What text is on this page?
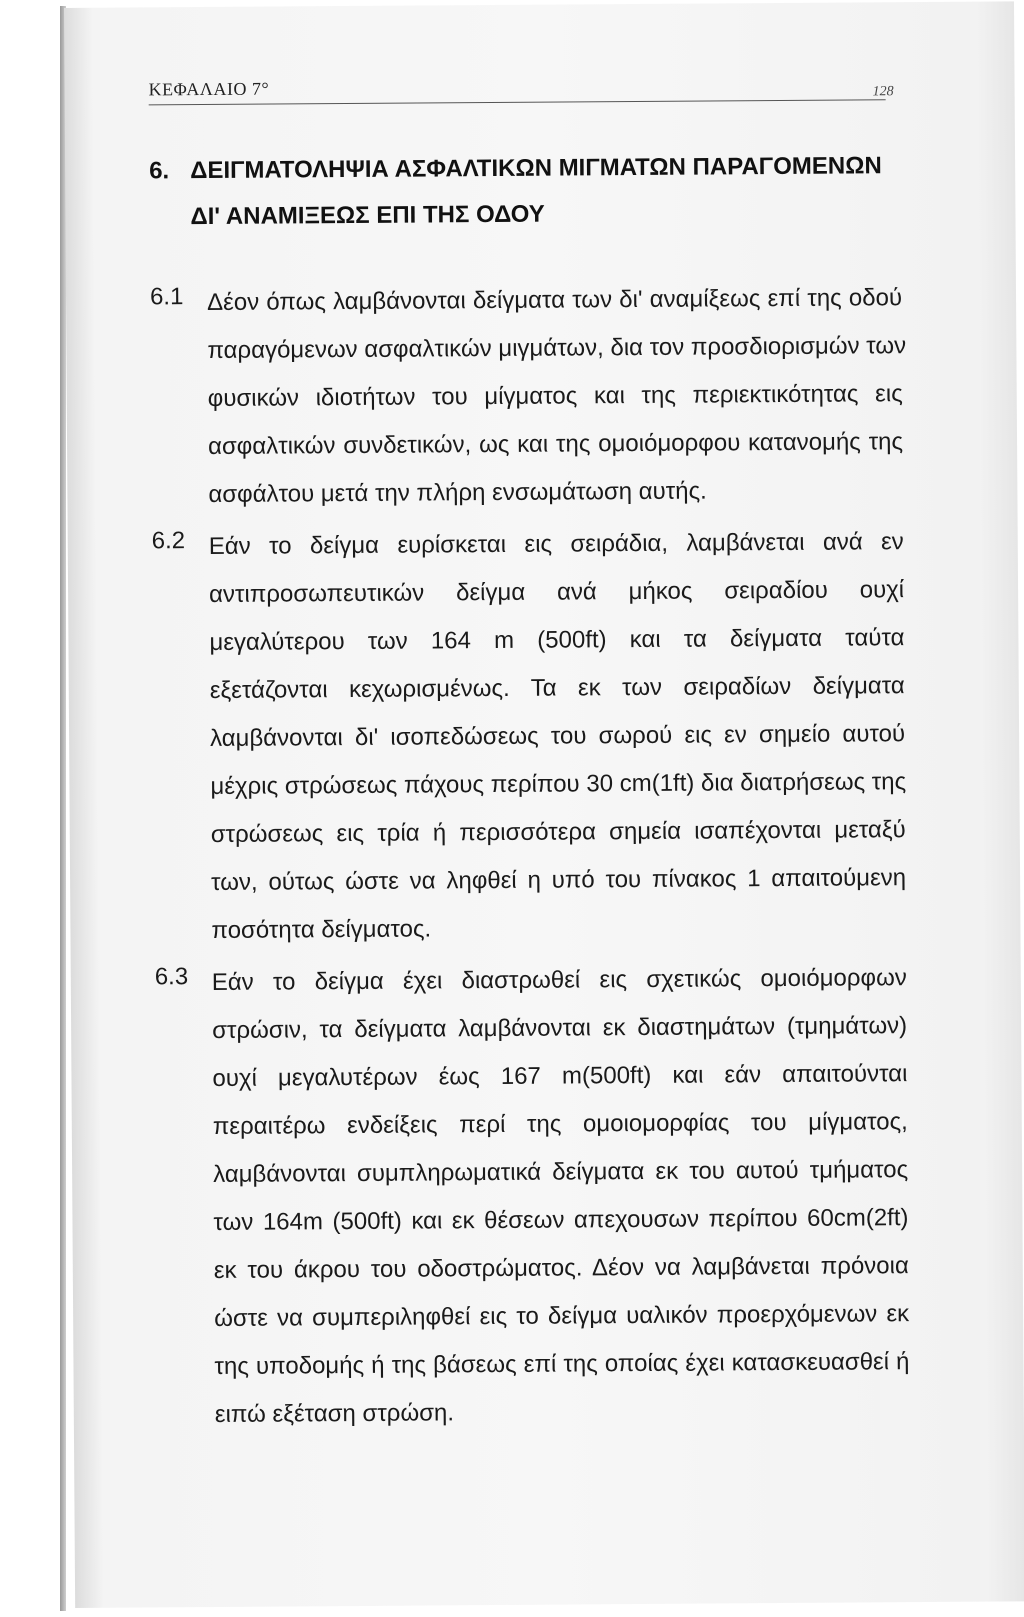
ΚΕΦΑΛΑΙΟ 7°	128
6. ΔΕΙΓΜΑΤΟΛΗΨΙΑ ΑΣΦΑΛΤΙΚΩΝ ΜΙΓΜΑΤΩΝ ΠΑΡΑΓΟΜΕΝΩΝ
ΔΙ' ΑΝΑΜΙΞΕΩΣ ΕΠΙ ΤΗΣ ΟΔΟΥ
6.1 Δέον όπως λαμβάνονται δείγματα των δι' αναμίξεως επί της οδού
παραγόμενων ασφαλτικών μιγμάτων, δια τον προσδιορισμών των
φυσικών ιδιοτήτων του μίγματος και της περιεκτικότητας εις
ασφαλτικών συνδετικών, ως και της ομοιόμορφου κατανομής της
ασφάλτου μετά την πλήρη ενσωμάτωση αυτής.
6.2 Εάν το δείγμα ευρίσκεται εις σειράδια, λαμβάνεται ανά εν
αντιπροσωπευτικών δείγμα ανά μήκος σειραδίου ουχί
μεγαλύτερου των 164 m (500ft) και τα δείγματα ταύτα
εξετάζονται κεχωρισμένως. Τα εκ των σειραδίων δείγματα
λαμβάνονται δι' ισοπεδώσεως του σωρού εις εν σημείο αυτού
μέχρις στρώσεως πάχους περίπου 30 cm(1ft) δια διατρήσεως της
στρώσεως εις τρία ή περισσότερα σημεία ισαπέχονται μεταξύ
των, ούτως ώστε να ληφθεί η υπό του πίνακος 1 απαιτούμενη
ποσότητα δείγματος.
6.3 Εάν το δείγμα έχει διαστρωθεί εις σχετικώς ομοιόμορφων
στρώσιν, τα δείγματα λαμβάνονται εκ διαστημάτων (τμημάτων)
ουχί μεγαλυτέρων έως 167 m(500ft) και εάν απαιτούνται
περαιτέρω ενδείξεις περί της ομοιομορφίας του μίγματος,
λαμβάνονται συμπληρωματικά δείγματα εκ του αυτού τμήματος
των 164m (500ft) και εκ θέσεων απεχουσων περίπου 60cm(2ft)
εκ του άκρου του οδοστρώματος. Δέον να λαμβάνεται πρόνοια
ώστε να συμπεριληφθεί εις το δείγμα υαλικόν προερχόμενων εκ
της υποδομής ή της βάσεως επί της οποίας έχει κατασκευασθεί ή
ειπώ εξέταση στρώση.
